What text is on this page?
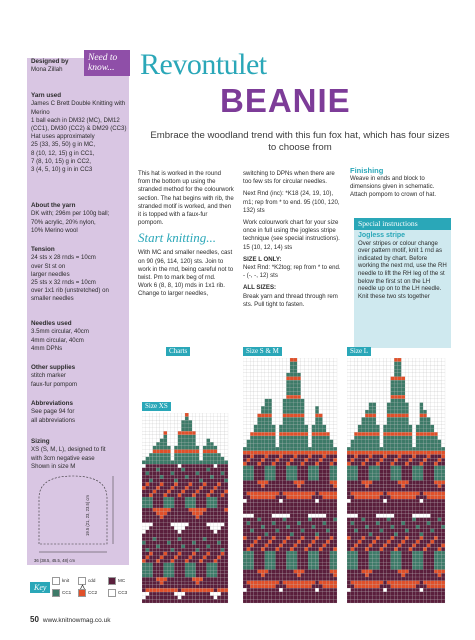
Designed by
Mona Zillah

Yarn used
James C Brett Double Knitting with Merino
1 ball each in DM32 (MC), DM12 (CC1), DM30 (CC2) & DM29 (CC3)
Hat uses approximately
25 (33, 35, 50) g in MC,
8 (10, 12, 15) g in CC1,
7 (8, 10, 15) g in CC2,
3 (4, 5, 10) g in in CC3

About the yarn
DK with; 296m per 100g ball;
70% acrylic, 20% nylon,
10% Merino wool

Tension
24 sts x 28 rnds = 10cm
over St st on
larger needles
25 sts x 32 rnds = 10cm
over 1x1 rib (unstretched) on
smaller needles

Needles used
3.5mm circular, 40cm
4mm circular, 40cm
4mm DPNs

Other supplies
stitch marker
faux-fur pompom

Abbreviations
See page 94 for
all abbreviations

Sizing
XS (S, M, L), designed to fit
with 3cm negative ease
Shown in size M

36 (38.5, 45.5, 48) cm
19.5 (21, 23, 23.5) cm
Need to know... Revontulet
BEANIE
Embrace the woodland trend with this fun fox hat, which has four sizes to choose from

This hat is worked in the round from the bottom up using the stranded method for the colourwork section. The hat begins with rib, the stranded motif is worked, and then it is topped with a faux-fur pompom.

Start knitting...

With MC and smaller needles, cast on 90 (96, 114, 120) sts. Join to work in the rnd, being careful not to twist. Pm to mark beg of rnd.
Work 6 (8, 8, 10) rnds in 1x1 rib.
Change to larger needles,

switching to DPNs when there are too few sts for circular needles.

Next Rnd (inc): *K18 (24, 19, 10), m1; rep from * to end. 95 (100, 120, 132) sts

Work colourwork chart for your size once in full using the jogless stripe technique (see special instructions). 15 (10, 12, 14) sts

SIZE L ONLY:

Next Rnd: *K2tog; rep from * to end. - (-, -, 12) sts

ALL SIZES:

Break yarn and thread through rem sts. Pull tight to fasten.

Finishing

Weave in ends and block to dimensions given in schematic. Attach pompom to crown of hat.

Special instructions
Jogless stripe
Over stripes or colour change over pattern motif, knit 1 rnd as indicated by chart. Before working the next rnd, use the RH needle to lift the RH leg of the st below the first st on the LH needle up on to the LH needle. Knit these two sts together
Charts
Size XS
Size S & M	Size L
Key
knit	cdd	MC
CC1	CC2	CC3
50 www.knitnowmag.co.uk
